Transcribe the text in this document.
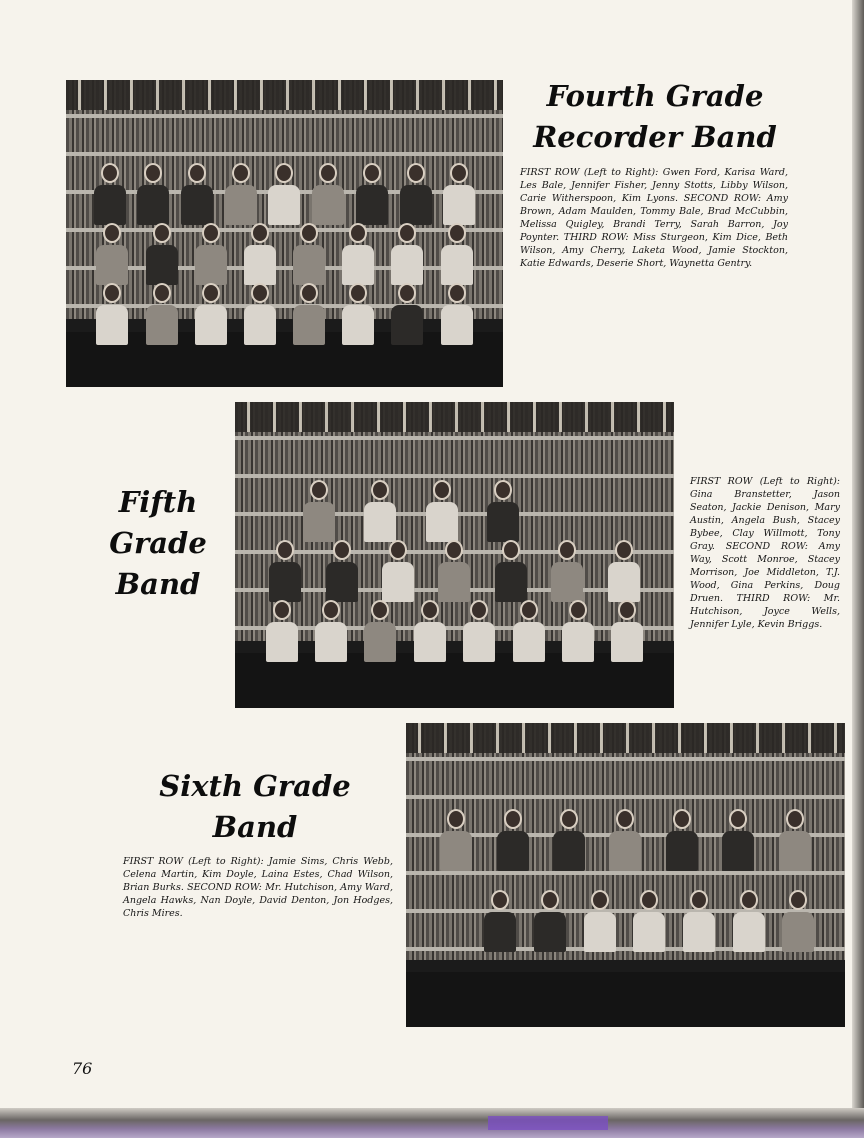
Fourth Grade
Recorder Band
FIRST ROW (Left to Right): Gwen Ford, Karisa Ward, Les Bale, Jennifer Fisher, Jenny Stotts, Libby Wilson, Carie Witherspoon, Kim Lyons. SECOND ROW: Amy Brown, Adam Maulden, Tommy Bale, Brad McCubbin, Melissa Quigley, Brandi Terry, Sarah Barron, Joy Poynter. THIRD ROW: Miss Sturgeon, Kim Dice, Beth Wilson, Amy Cherry, Laketa Wood, Jamie Stockton, Katie Edwards, Deserie Short, Waynetta Gentry.
Fifth
Grade
Band
FIRST ROW (Left to Right): Gina Branstetter, Jason Seaton, Jackie Denison, Mary Austin, Angela Bush, Stacey Bybee, Clay Willmott, Tony Gray. SECOND ROW: Amy Way, Scott Monroe, Stacey Morrison, Joe Middleton, T.J. Wood, Gina Perkins, Doug Druen. THIRD ROW: Mr. Hutchison, Joyce Wells, Jennifer Lyle, Kevin Briggs.
Sixth Grade
Band
FIRST ROW (Left to Right): Jamie Sims, Chris Webb, Celena Martin, Kim Doyle, Laina Estes, Chad Wilson, Brian Burks. SECOND ROW: Mr. Hutchison, Amy Ward, Angela Hawks, Nan Doyle, David Denton, Jon Hodges, Chris Mires.
76
